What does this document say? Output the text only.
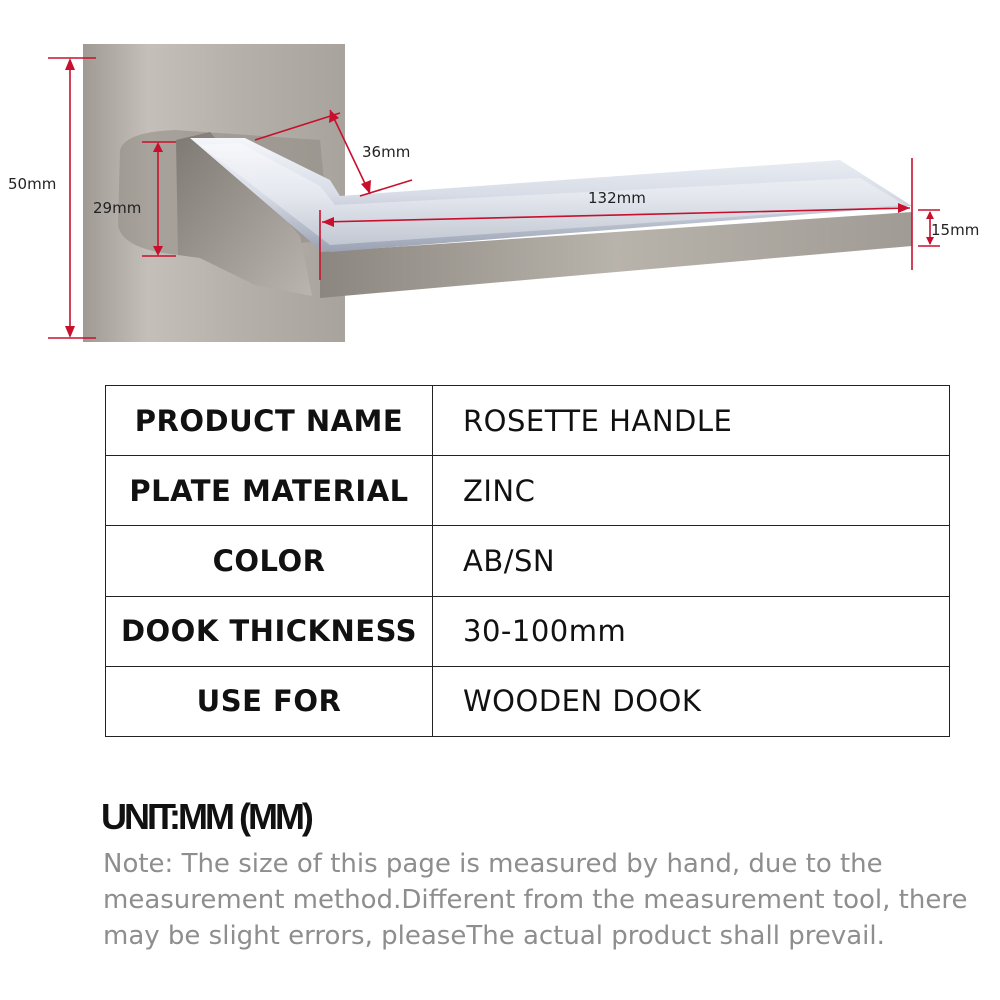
50mm
29mm
36mm
132mm
15mm
PRODUCT NAME	ROSETTE HANDLE
PLATE MATERIAL	ZINC
COLOR	AB/SN
DOOK THICKNESS	30-100mm
USE FOR	WOODEN DOOK
UNIT:MM (MM)

Note: The size of this page is measured by hand, due to the measurement method.Different from the measurement tool, there may be slight errors, pleaseThe actual product shall prevail.
